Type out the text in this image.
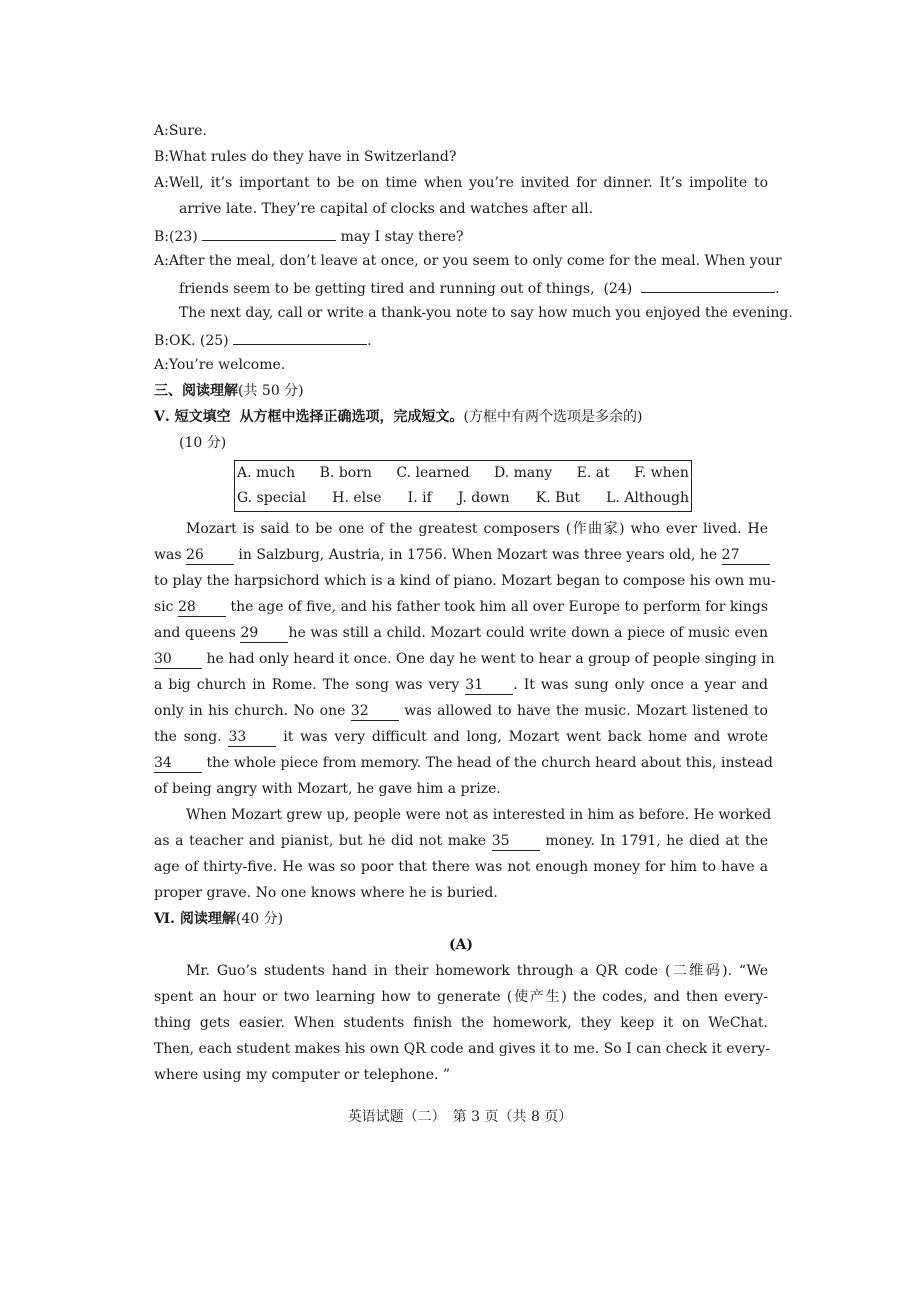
A:Sure.
B:What rules do they have in Switzerland?
A:Well, it’s important to be on time when you’re invited for dinner. It’s impolite to
arrive late. They’re capital of clocks and watches after all.
B:(23)	may I stay there?
A:After the meal, don’t leave at once, or you seem to only come for the meal. When your
friends seem to be getting tired and running out of things, (24)	.
The next day, call or write a thank-you note to say how much you enjoyed the evening.
B:OK. (25)	.
A:You’re welcome.
三、阅读理解(共 50 分)
Ⅴ. 短文填空 从方框中选择正确选项，完成短文。(方框中有两个选项是多余的)
(10 分)
A. much B. born C. learned D. many E. at F. when
G. special H. else I. if J. down K. But L. Although
Mozart is said to be one of the greatest composers (作曲家) who ever lived. He
was 26 in Salzburg, Austria, in 1756. When Mozart was three years old, he 27
to play the harpsichord which is a kind of piano. Mozart began to compose his own mu-
sic 28 the age of five, and his father took him all over Europe to perform for kings
and queens 29 he was still a child. Mozart could write down a piece of music even
30 he had only heard it once. One day he went to hear a group of people singing in
a big church in Rome. The song was very 31 . It was sung only once a year and
only in his church. No one 32	was allowed to have the music. Mozart listened to
the song. 33	it was very difficult and long, Mozart went back home and wrote
34 the whole piece from memory. The head of the church heard about this, instead
of being angry with Mozart, he gave him a prize.
When Mozart grew up, people were not as interested in him as before. He worked
as a teacher and pianist, but he did not make 35	money. In 1791, he died at the
age of thirty-five. He was so poor that there was not enough money for him to have a
proper grave. No one knows where he is buried.
Ⅵ. 阅读理解(40 分)
(A)
Mr. Guo’s students hand in their homework through a QR code (二维码). “We
spent an hour or two learning how to generate (使产生) the codes, and then every-
thing gets easier. When students finish the homework, they keep it on WeChat.
Then, each student makes his own QR code and gives it to me. So I can check it every-
where using my computer or telephone. ”
英语试题（二）　第 3 页（共 8 页）
